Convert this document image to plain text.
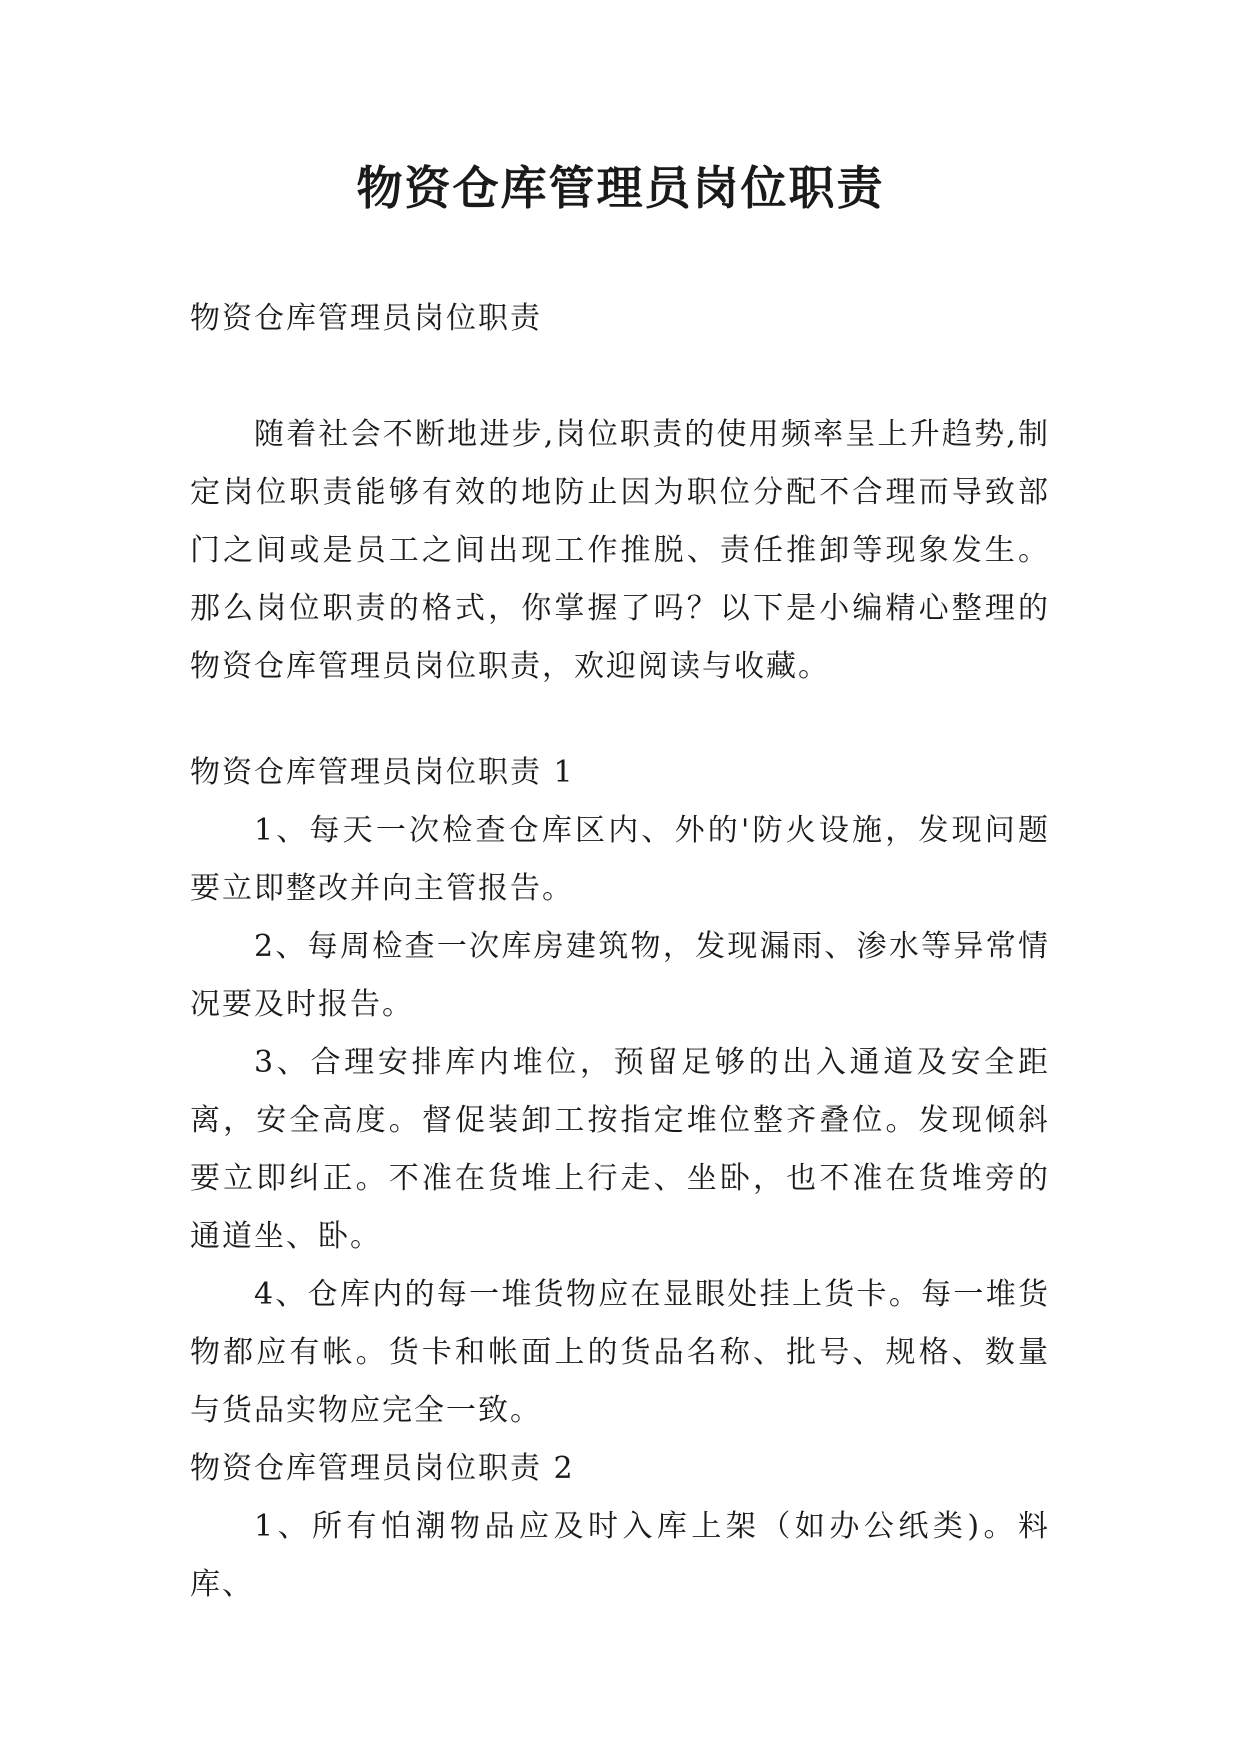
物资仓库管理员岗位职责

物资仓库管理员岗位职责

随着社会不断地进步,岗位职责的使用频率呈上升趋势,制定岗位职责能够有效的地防止因为职位分配不合理而导致部门之间或是员工之间出现工作推脱、责任推卸等现象发生。那么岗位职责的格式，你掌握了吗？以下是小编精心整理的物资仓库管理员岗位职责，欢迎阅读与收藏。

物资仓库管理员岗位职责 1

1、每天一次检查仓库区内、外的'防火设施，发现问题要立即整改并向主管报告。

2、每周检查一次库房建筑物，发现漏雨、渗水等异常情况要及时报告。

3、合理安排库内堆位，预留足够的出入通道及安全距离，安全高度。督促装卸工按指定堆位整齐叠位。发现倾斜要立即纠正。不准在货堆上行走、坐卧，也不准在货堆旁的通道坐、卧。

4、仓库内的每一堆货物应在显眼处挂上货卡。每一堆货物都应有帐。货卡和帐面上的货品名称、批号、规格、数量与货品实物应完全一致。

物资仓库管理员岗位职责 2

1、所有怕潮物品应及时入库上架（如办公纸类)。料库、
